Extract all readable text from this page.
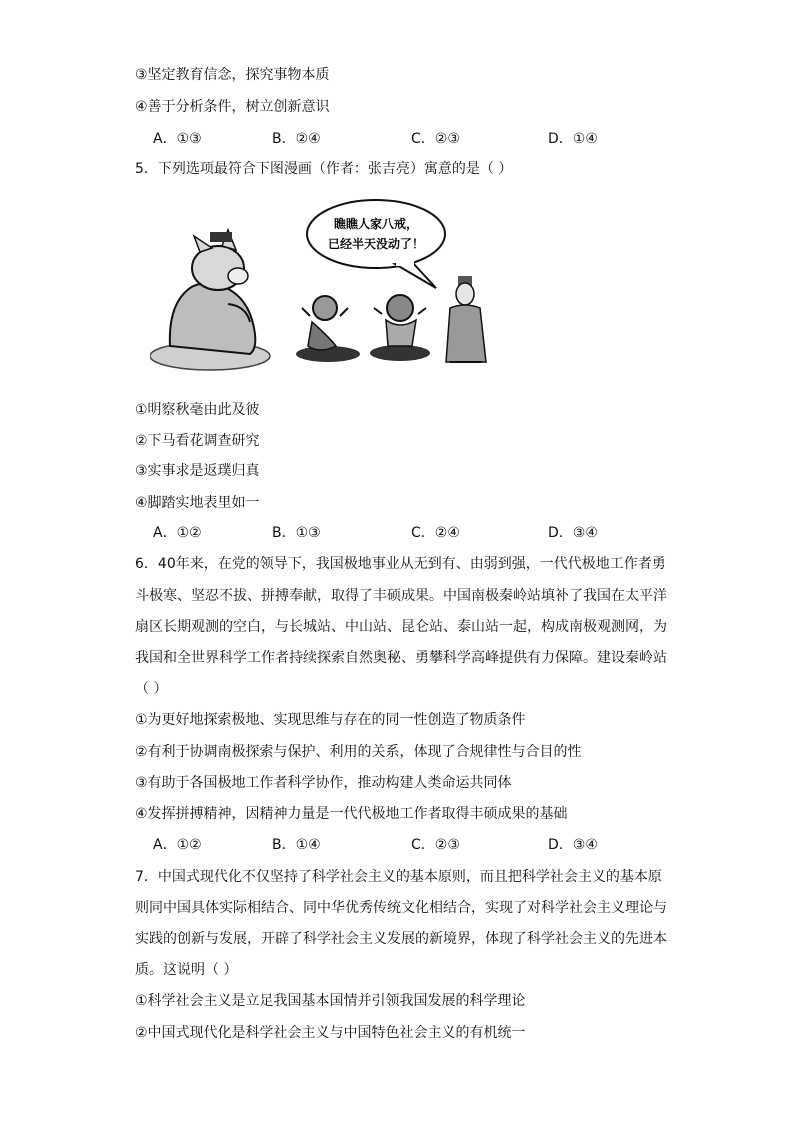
③坚定教育信念，探究事物本质
④善于分析条件，树立创新意识
A．①③	B．②④	C．②③	D．①④
5．下列选项最符合下图漫画（作者：张吉亮）寓意的是（ ）
瞧瞧人家八戒，
已经半天没动了！
①明察秋毫由此及彼
②下马看花调查研究
③实事求是返璞归真
④脚踏实地表里如一
A．①②	B．①③	C．②④	D．③④
6．40年来，在党的领导下，我国极地事业从无到有、由弱到强，一代代极地工作者勇
斗极寒、坚忍不拔、拼搏奉献，取得了丰硕成果。中国南极秦岭站填补了我国在太平洋
扇区长期观测的空白，与长城站、中山站、昆仑站、泰山站一起，构成南极观测网，为
我国和全世界科学工作者持续探索自然奥秘、勇攀科学高峰提供有力保障。建设秦岭站
（ ）
①为更好地探索极地、实现思维与存在的同一性创造了物质条件
②有利于协调南极探索与保护、利用的关系，体现了合规律性与合目的性
③有助于各国极地工作者科学协作，推动构建人类命运共同体
④发挥拼搏精神，因精神力量是一代代极地工作者取得丰硕成果的基础
A．①②	B．①④	C．②③	D．③④
7．中国式现代化不仅坚持了科学社会主义的基本原则，而且把科学社会主义的基本原
则同中国具体实际相结合、同中华优秀传统文化相结合，实现了对科学社会主义理论与
实践的创新与发展，开辟了科学社会主义发展的新境界，体现了科学社会主义的先进本
质。这说明（ ）
①科学社会主义是立足我国基本国情并引领我国发展的科学理论
②中国式现代化是科学社会主义与中国特色社会主义的有机统一
